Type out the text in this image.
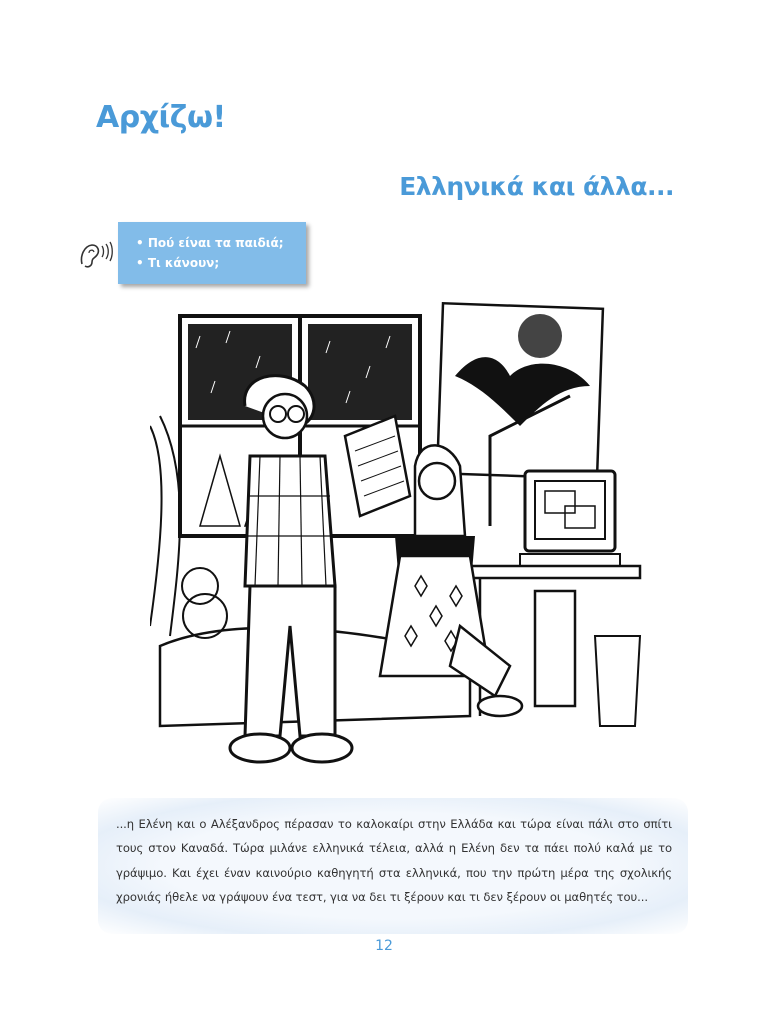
Αρχίζω!
Ελληνικά και άλλα...
• Πού είναι τα παιδιά;
• Τι κάνουν;

...η Ελένη και ο Αλέξανδρος πέρασαν το καλοκαίρι στην Ελλάδα και τώρα είναι πάλι στο σπίτι τους στον Καναδά. Τώρα μιλάνε ελληνικά τέλεια, αλλά η Ελένη δεν τα πάει πολύ καλά με το γράψιμο. Και έχει έναν καινούριο καθηγητή στα ελληνικά, που την πρώτη μέρα της σχολικής χρονιάς ήθελε να γράψουν ένα τεστ, για να δει τι ξέρουν και τι δεν ξέρουν οι μαθητές του...

12
